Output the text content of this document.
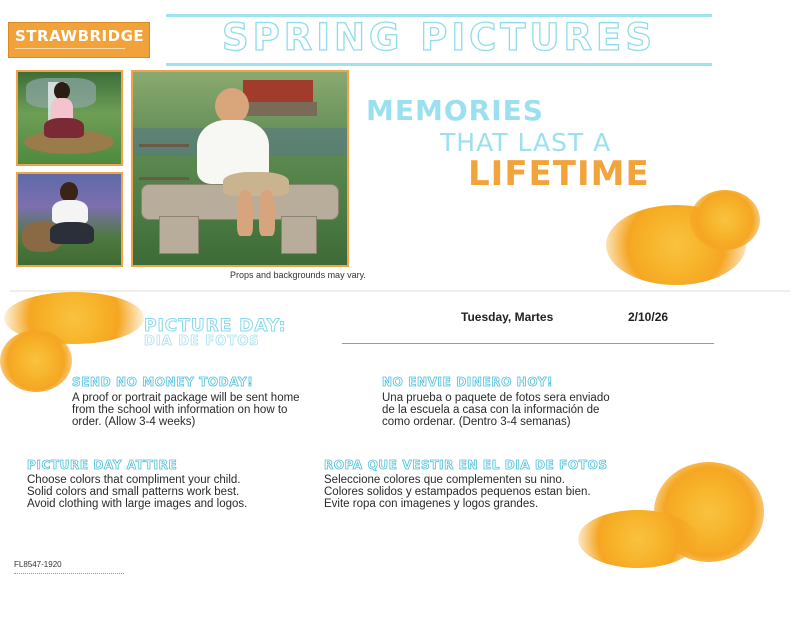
STRAWBRIDGE	SPRING PICTURES
Props and backgrounds may vary.
MEMORIES
THAT LAST A
LIFETIME
PICTURE DAY:
DIA DE FOTOS
Tuesday, Martes	2/10/26
SEND NO MONEY TODAY!
A proof or portrait package will be sent home
from the school with information on how to
order. (Allow 3-4 weeks)
NO ENVIE DINERO HOY!
Una prueba o paquete de fotos sera enviado
de la escuela a casa con la información de
como ordenar. (Dentro 3-4 semanas)
PICTURE DAY ATTIRE
Choose colors that compliment your child.
Solid colors and small patterns work best.
Avoid clothing with large images and logos.
ROPA QUE VESTIR EN EL DIA DE FOTOS
Seleccione colores que complementen su nino.
Colores solidos y estampados pequenos estan bien.
Evite ropa con imagenes y logos grandes.
FL8547-1920
